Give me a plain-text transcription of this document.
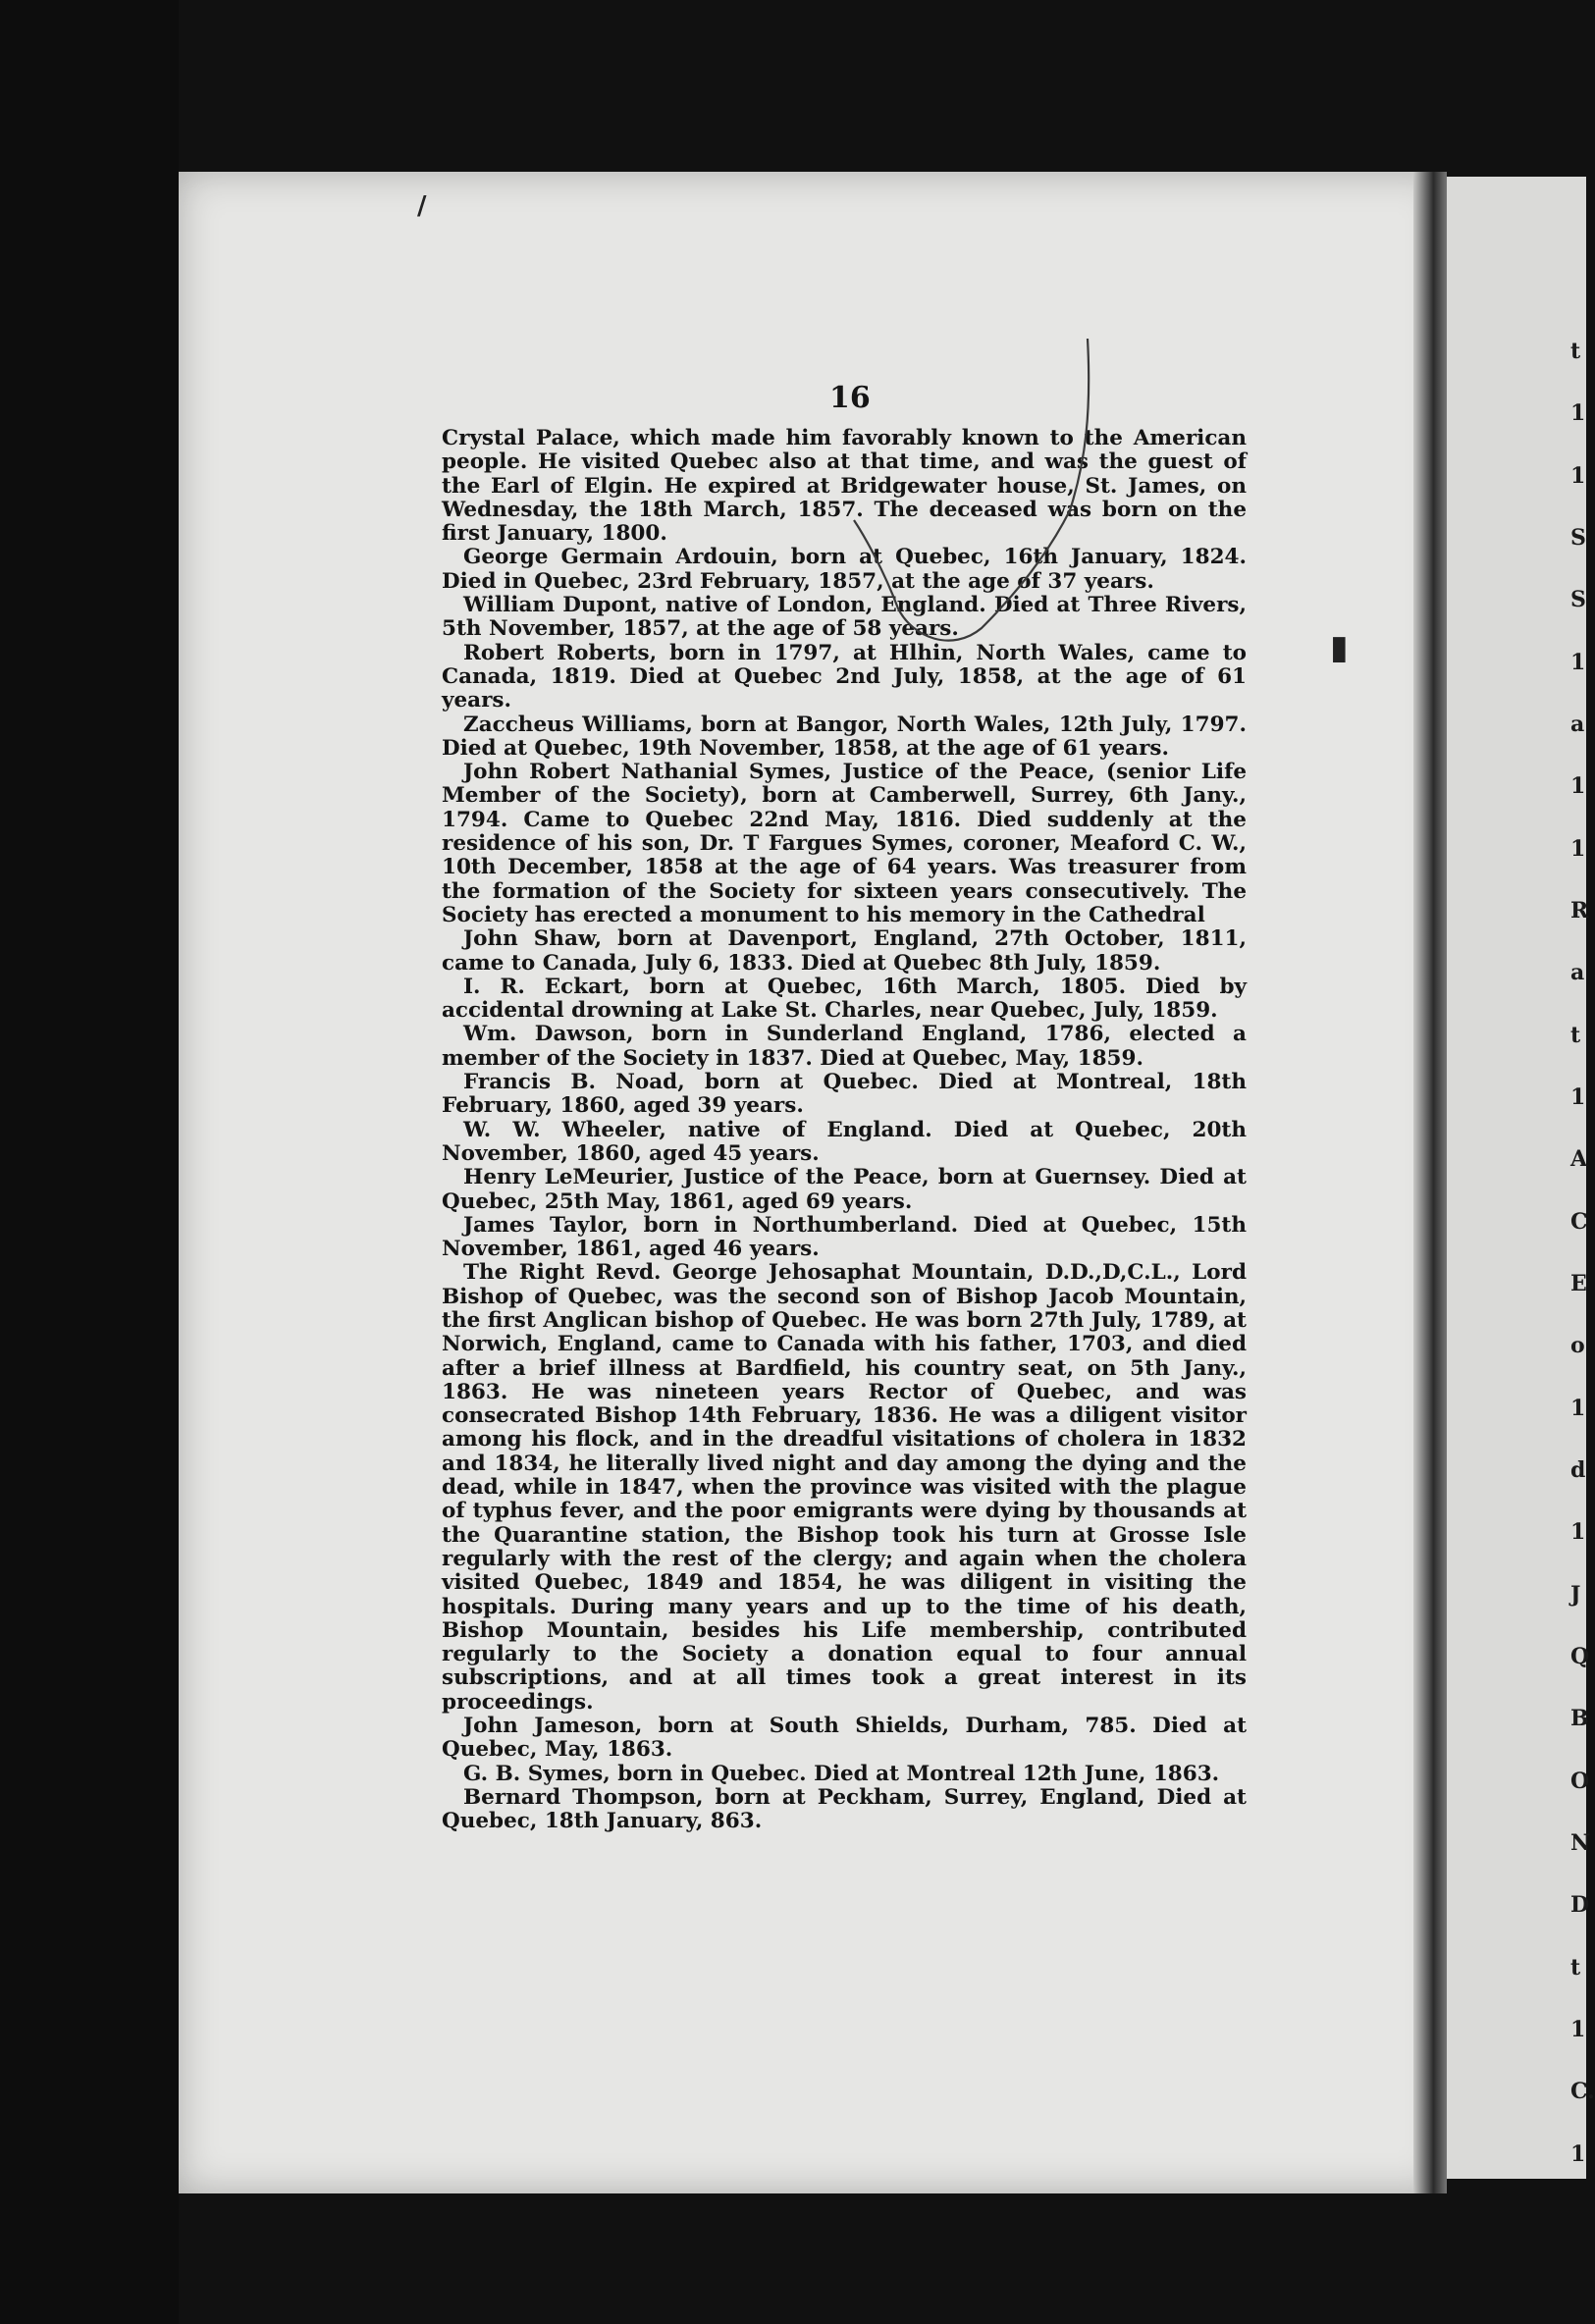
t
1
1
S
S
1
a
1
1
R
a
t
1
A
C
E
o
1
d
1
J
Q
B
O
N
D
t
1
C.
1
/
▮
16

Crystal Palace, which made him favorably known to the American people. He visited Quebec also at that time, and was the guest of the Earl of Elgin. He expired at Bridgewater house, St. James, on Wednesday, the 18th March, 1857. The deceased was born on the first January, 1800.

George Germain Ardouin, born at Quebec, 16th January, 1824. Died in Quebec, 23rd February, 1857, at the age of 37 years.

William Dupont, native of London, England. Died at Three Rivers, 5th November, 1857, at the age of 58 years.

Robert Roberts, born in 1797, at Hlhin, North Wales, came to Canada, 1819. Died at Quebec 2nd July, 1858, at the age of 61 years.

Zaccheus Williams, born at Bangor, North Wales, 12th July, 1797. Died at Quebec, 19th November, 1858, at the age of 61 years.

John Robert Nathanial Symes, Justice of the Peace, (senior Life Member of the Society), born at Camberwell, Surrey, 6th Jany., 1794. Came to Quebec 22nd May, 1816. Died suddenly at the residence of his son, Dr. T Fargues Symes, coroner, Meaford C. W., 10th December, 1858 at the age of 64 years. Was treasurer from the formation of the Society for sixteen years consecutively. The Society has erected a monument to his memory in the Cathedral

John Shaw, born at Davenport, England, 27th October, 1811, came to Canada, July 6, 1833. Died at Quebec 8th July, 1859.

I. R. Eckart, born at Quebec, 16th March, 1805. Died by accidental drowning at Lake St. Charles, near Quebec, July, 1859.

Wm. Dawson, born in Sunderland England, 1786, elected a member of the Society in 1837. Died at Quebec, May, 1859.

Francis B. Noad, born at Quebec. Died at Montreal, 18th February, 1860, aged 39 years.

W. W. Wheeler, native of England. Died at Quebec, 20th November, 1860, aged 45 years.

Henry LeMeurier, Justice of the Peace, born at Guernsey. Died at Quebec, 25th May, 1861, aged 69 years.

James Taylor, born in Northumberland. Died at Quebec, 15th November, 1861, aged 46 years.

The Right Revd. George Jehosaphat Mountain, D.D.,D,C.L., Lord Bishop of Quebec, was the second son of Bishop Jacob Mountain, the first Anglican bishop of Quebec. He was born 27th July, 1789, at Norwich, England, came to Canada with his father, 1703, and died after a brief illness at Bardfield, his country seat, on 5th Jany., 1863. He was nineteen years Rector of Quebec, and was consecrated Bishop 14th February, 1836. He was a diligent visitor among his flock, and in the dreadful visitations of cholera in 1832 and 1834, he literally lived night and day among the dying and the dead, while in 1847, when the province was visited with the plague of typhus fever, and the poor emigrants were dying by thousands at the Quarantine station, the Bishop took his turn at Grosse Isle regularly with the rest of the clergy; and again when the cholera visited Quebec, 1849 and 1854, he was diligent in visiting the hospitals. During many years and up to the time of his death, Bishop Mountain, besides his Life membership, contributed regularly to the Society a donation equal to four annual subscriptions, and at all times took a great interest in its proceedings.

John Jameson, born at South Shields, Durham, 785. Died at Quebec, May, 1863.

G. B. Symes, born in Quebec. Died at Montreal 12th June, 1863.

Bernard Thompson, born at Peckham, Surrey, England, Died at Quebec, 18th January, 863.
